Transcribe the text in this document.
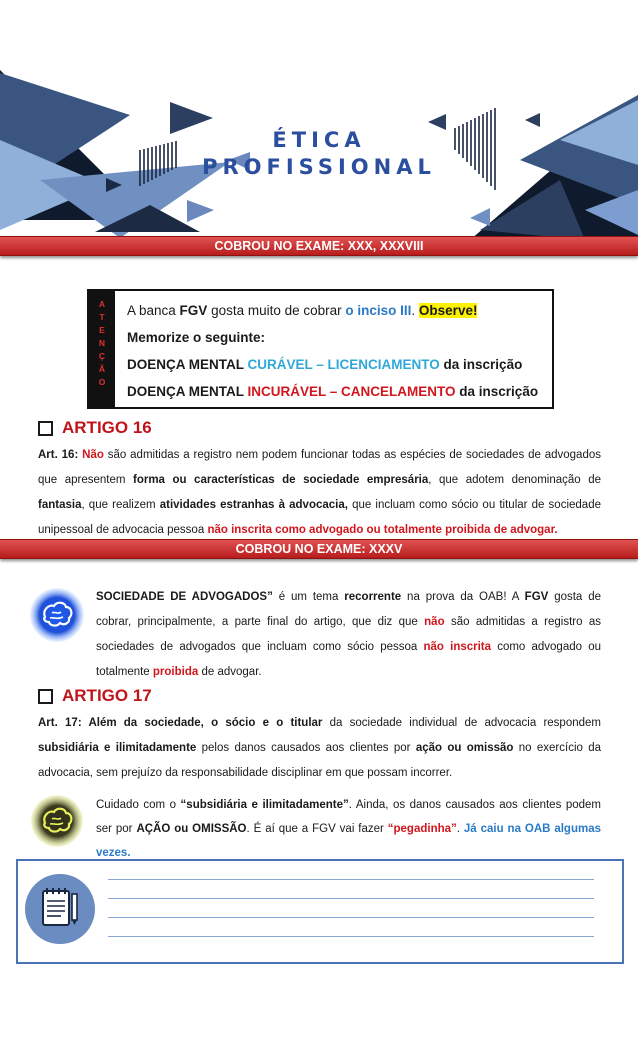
ÉTICA
PROFISSIONAL
COBROU NO EXAME: XXX, XXXVIII
A
T
E
N
Ç
Ã
O
A banca FGV gosta muito de cobrar o inciso III. Observe!
Memorize o seguinte:
DOENÇA MENTAL CURÁVEL – LICENCIAMENTO da inscrição
DOENÇA MENTAL INCURÁVEL – CANCELAMENTO da inscrição
ARTIGO 16
Art. 16: Não são admitidas a registro nem podem funcionar todas as espécies de sociedades de advogados que apresentem forma ou características de sociedade empresária, que adotem denominação de fantasia, que realizem atividades estranhas à advocacia, que incluam como sócio ou titular de sociedade unipessoal de advocacia pessoa não inscrita como advogado ou totalmente proibida de advogar.
COBROU NO EXAME: XXXV
SOCIEDADE DE ADVOGADOS” é um tema recorrente na prova da OAB! A FGV gosta de cobrar, principalmente, a parte final do artigo, que diz que não são admitidas a registro as sociedades de advogados que incluam como sócio pessoa não inscrita como advogado ou totalmente proibida de advogar.
ARTIGO 17
Art. 17: Além da sociedade, o sócio e o titular da sociedade individual de advocacia respondem subsidiária e ilimitadamente pelos danos causados aos clientes por ação ou omissão no exercício da advocacia, sem prejuízo da responsabilidade disciplinar em que possam incorrer.
Cuidado com o “subsidiária e ilimitadamente”. Ainda, os danos causados aos clientes podem ser por AÇÃO ou OMISSÃO. É aí que a FGV vai fazer “pegadinha”. Já caiu na OAB algumas vezes.
